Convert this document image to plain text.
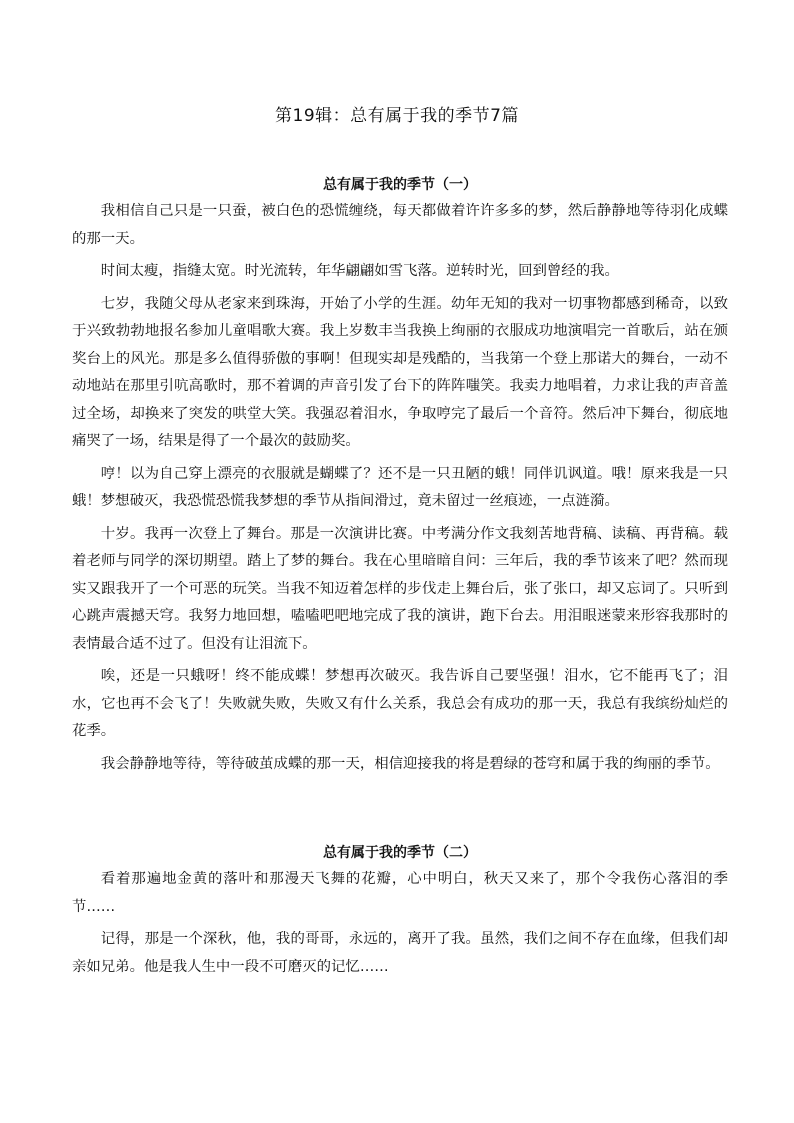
第19辑：总有属于我的季节7篇
总有属于我的季节（一）

我相信自己只是一只蚕，被白色的恐慌缠绕，每天都做着许许多多的梦，然后静静地等待羽化成蝶的那一天。

时间太瘦，指缝太宽。时光流转，年华翩翩如雪飞落。逆转时光，回到曾经的我。

七岁，我随父母从老家来到珠海，开始了小学的生涯。幼年无知的我对一切事物都感到稀奇，以致于兴致勃勃地报名参加儿童唱歌大赛。我上岁数丰当我换上绚丽的衣服成功地演唱完一首歌后，站在颁奖台上的风光。那是多么值得骄傲的事啊！但现实却是残酷的，当我第一个登上那诺大的舞台，一动不动地站在那里引吭高歌时，那不着调的声音引发了台下的阵阵嗤笑。我卖力地唱着，力求让我的声音盖过全场，却换来了突发的哄堂大笑。我强忍着泪水，争取哼完了最后一个音符。然后冲下舞台，彻底地痛哭了一场，结果是得了一个最次的鼓励奖。

哼！以为自己穿上漂亮的衣服就是蝴蝶了？还不是一只丑陋的蛾！同伴讥讽道。哦！原来我是一只蛾！梦想破灭，我恐慌恐慌我梦想的季节从指间滑过，竟未留过一丝痕迹，一点涟漪。

十岁。我再一次登上了舞台。那是一次演讲比赛。中考满分作文我刻苦地背稿、读稿、再背稿。载着老师与同学的深切期望。踏上了梦的舞台。我在心里暗暗自问：三年后，我的季节该来了吧？然而现实又跟我开了一个可恶的玩笑。当我不知迈着怎样的步伐走上舞台后，张了张口，却又忘词了。只听到心跳声震撼天穹。我努力地回想，嗑嗑吧吧地完成了我的演讲，跑下台去。用泪眼迷蒙来形容我那时的表情最合适不过了。但没有让泪流下。

唉，还是一只蛾呀！终不能成蝶！梦想再次破灭。我告诉自己要坚强！泪水，它不能再飞了；泪水，它也再不会飞了！失败就失败，失败又有什么关系，我总会有成功的那一天，我总有我缤纷灿烂的花季。

我会静静地等待，等待破茧成蝶的那一天，相信迎接我的将是碧绿的苍穹和属于我的绚丽的季节。

总有属于我的季节（二）

看着那遍地金黄的落叶和那漫天飞舞的花瓣，心中明白，秋天又来了，那个令我伤心落泪的季节……

记得，那是一个深秋，他，我的哥哥，永远的，离开了我。虽然，我们之间不存在血缘，但我们却亲如兄弟。他是我人生中一段不可磨灭的记忆……
